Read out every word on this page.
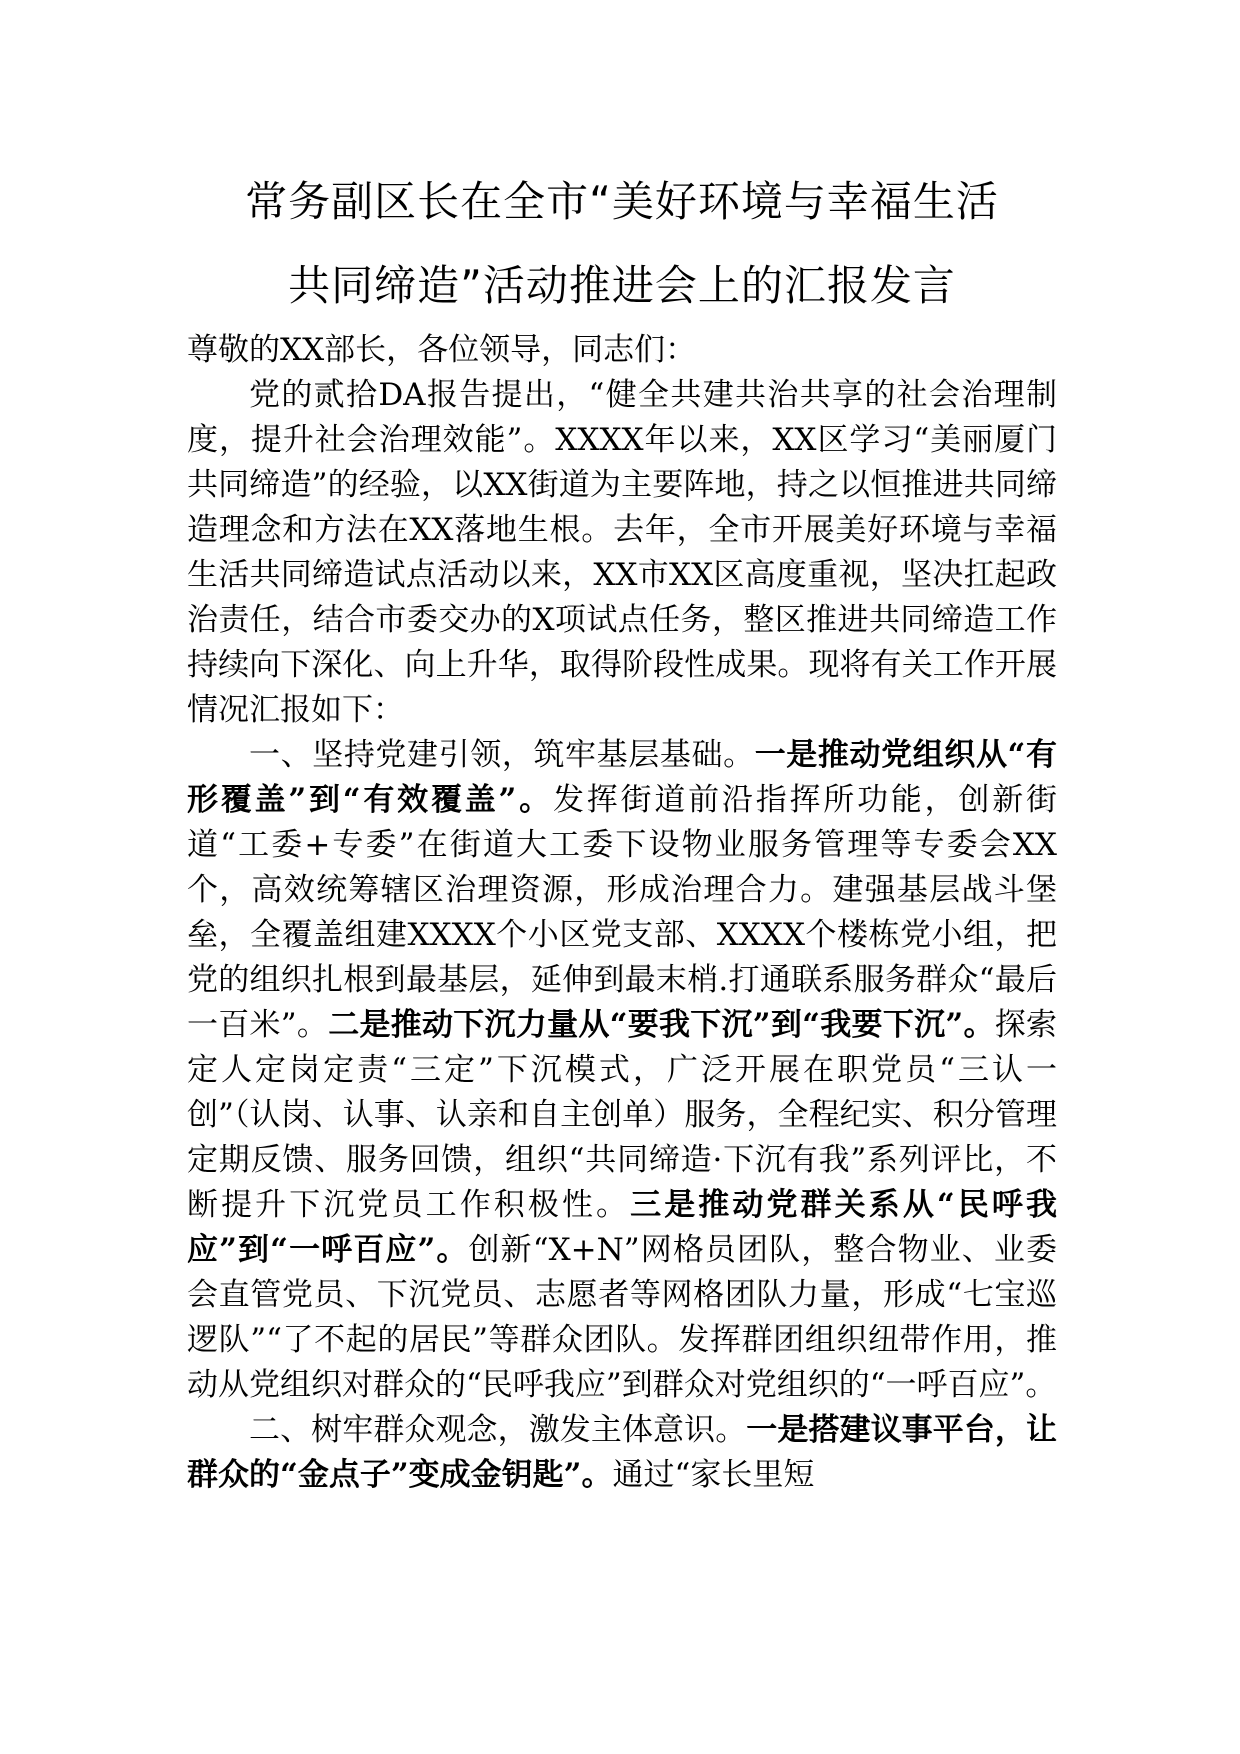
常务副区长在全市“美好环境与幸福生活
共同缔造”活动推进会上的汇报发言

尊敬的XX部长，各位领导，同志们：

党的贰拾DA报告提出，“健全共建共治共享的社会治理制度，提升社会治理效能”。XXXX年以来，XX区学习“美丽厦门共同缔造”的经验，以XX街道为主要阵地，持之以恒推进共同缔造理念和方法在XX落地生根。去年，全市开展美好环境与幸福生活共同缔造试点活动以来，XX市XX区高度重视，坚决扛起政治责任，结合市委交办的X项试点任务，整区推进共同缔造工作持续向下深化、向上升华，取得阶段性成果。现将有关工作开展情况汇报如下：

一、坚持党建引领，筑牢基层基础。一是推动党组织从“有形覆盖”到“有效覆盖”。发挥街道前沿指挥所功能，创新街道“工委+专委”在街道大工委下设物业服务管理等专委会XX个，高效统筹辖区治理资源，形成治理合力。建强基层战斗堡垒，全覆盖组建XXXX个小区党支部、XXXX个楼栋党小组，把党的组织扎根到最基层，延伸到最末梢.打通联系服务群众“最后一百米”。二是推动下沉力量从“要我下沉”到“我要下沉”。探索定人定岗定责“三定”下沉模式，广泛开展在职党员“三认一创”（认岗、认事、认亲和自主创单）服务，全程纪实、积分管理定期反馈、服务回馈，组织“共同缔造·下沉有我”系列评比，不断提升下沉党员工作积极性。三是推动党群关系从“民呼我应”到“一呼百应”。创新“X+N”网格员团队，整合物业、业委会直管党员、下沉党员、志愿者等网格团队力量，形成“七宝巡逻队”“了不起的居民”等群众团队。发挥群团组织纽带作用，推动从党组织对群众的“民呼我应”到群众对党组织的“一呼百应”。

二、树牢群众观念，激发主体意识。一是搭建议事平台，让群众的“金点子”变成金钥匙”。通过“家长里短
